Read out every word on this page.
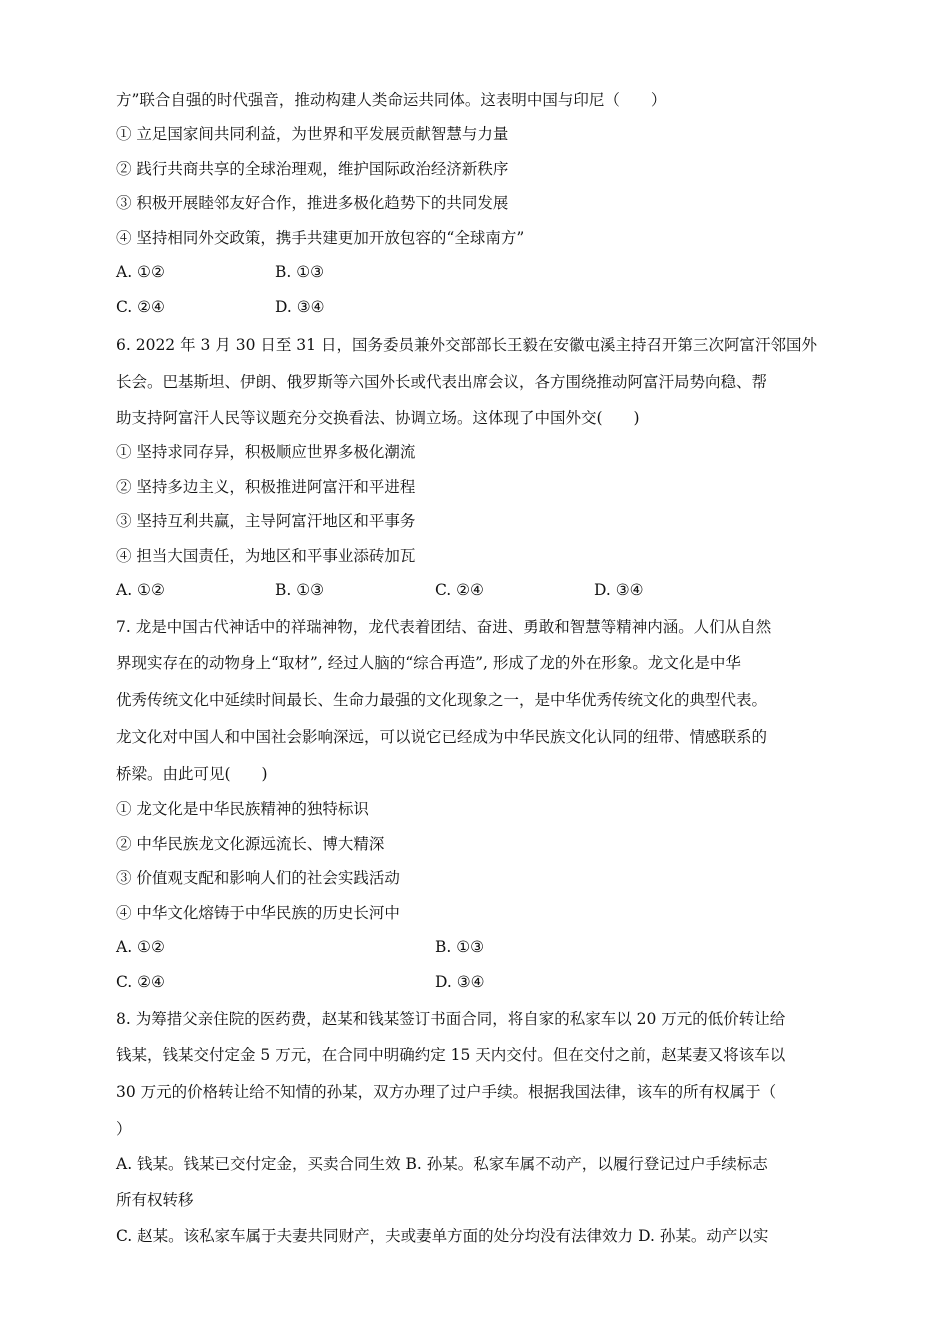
方”联合自强的时代强音，推动构建人类命运共同体。这表明中国与印尼（　　）
① 立足国家间共同利益，为世界和平发展贡献智慧与力量
② 践行共商共享的全球治理观，维护国际政治经济新秩序
③ 积极开展睦邻友好合作，推进多极化趋势下的共同发展
④ 坚持相同外交政策，携手共建更加开放包容的“全球南方”
A. ①②	B. ①③
C. ②④	D. ③④
6. 2022 年 3 月 30 日至 31 日，国务委员兼外交部部长王毅在安徽屯溪主持召开第三次阿富汗邻国外
长会。巴基斯坦、伊朗、俄罗斯等六国外长或代表出席会议，各方围绕推动阿富汗局势向稳、帮
助支持阿富汗人民等议题充分交换看法、协调立场。这体现了中国外交(　　)
① 坚持求同存异，积极顺应世界多极化潮流
② 坚持多边主义，积极推进阿富汗和平进程
③ 坚持互利共赢，主导阿富汗地区和平事务
④ 担当大国责任，为地区和平事业添砖加瓦
A. ①②	B. ①③	C. ②④	D. ③④
7. 龙是中国古代神话中的祥瑞神物，龙代表着团结、奋进、勇敢和智慧等精神内涵。人们从自然
界现实存在的动物身上“取材”, 经过人脑的“综合再造”, 形成了龙的外在形象。龙文化是中华
优秀传统文化中延续时间最长、生命力最强的文化现象之一，是中华优秀传统文化的典型代表。
龙文化对中国人和中国社会影响深远，可以说它已经成为中华民族文化认同的纽带、情感联系的
桥梁。由此可见(　　)
① 龙文化是中华民族精神的独特标识
② 中华民族龙文化源远流长、博大精深
③ 价值观支配和影响人们的社会实践活动
④ 中华文化熔铸于中华民族的历史长河中
A. ①②	B. ①③
C. ②④	D. ③④
8. 为筹措父亲住院的医药费，赵某和钱某签订书面合同，将自家的私家车以 20 万元的低价转让给
钱某，钱某交付定金 5 万元，在合同中明确约定 15 天内交付。但在交付之前，赵某妻又将该车以
30 万元的价格转让给不知情的孙某，双方办理了过户手续。根据我国法律，该车的所有权属于（
）
A. 钱某。钱某已交付定金，买卖合同生效 B. 孙某。私家车属不动产，以履行登记过户手续标志
所有权转移
C. 赵某。该私家车属于夫妻共同财产，夫或妻单方面的处分均没有法律效力 D. 孙某。动产以实
